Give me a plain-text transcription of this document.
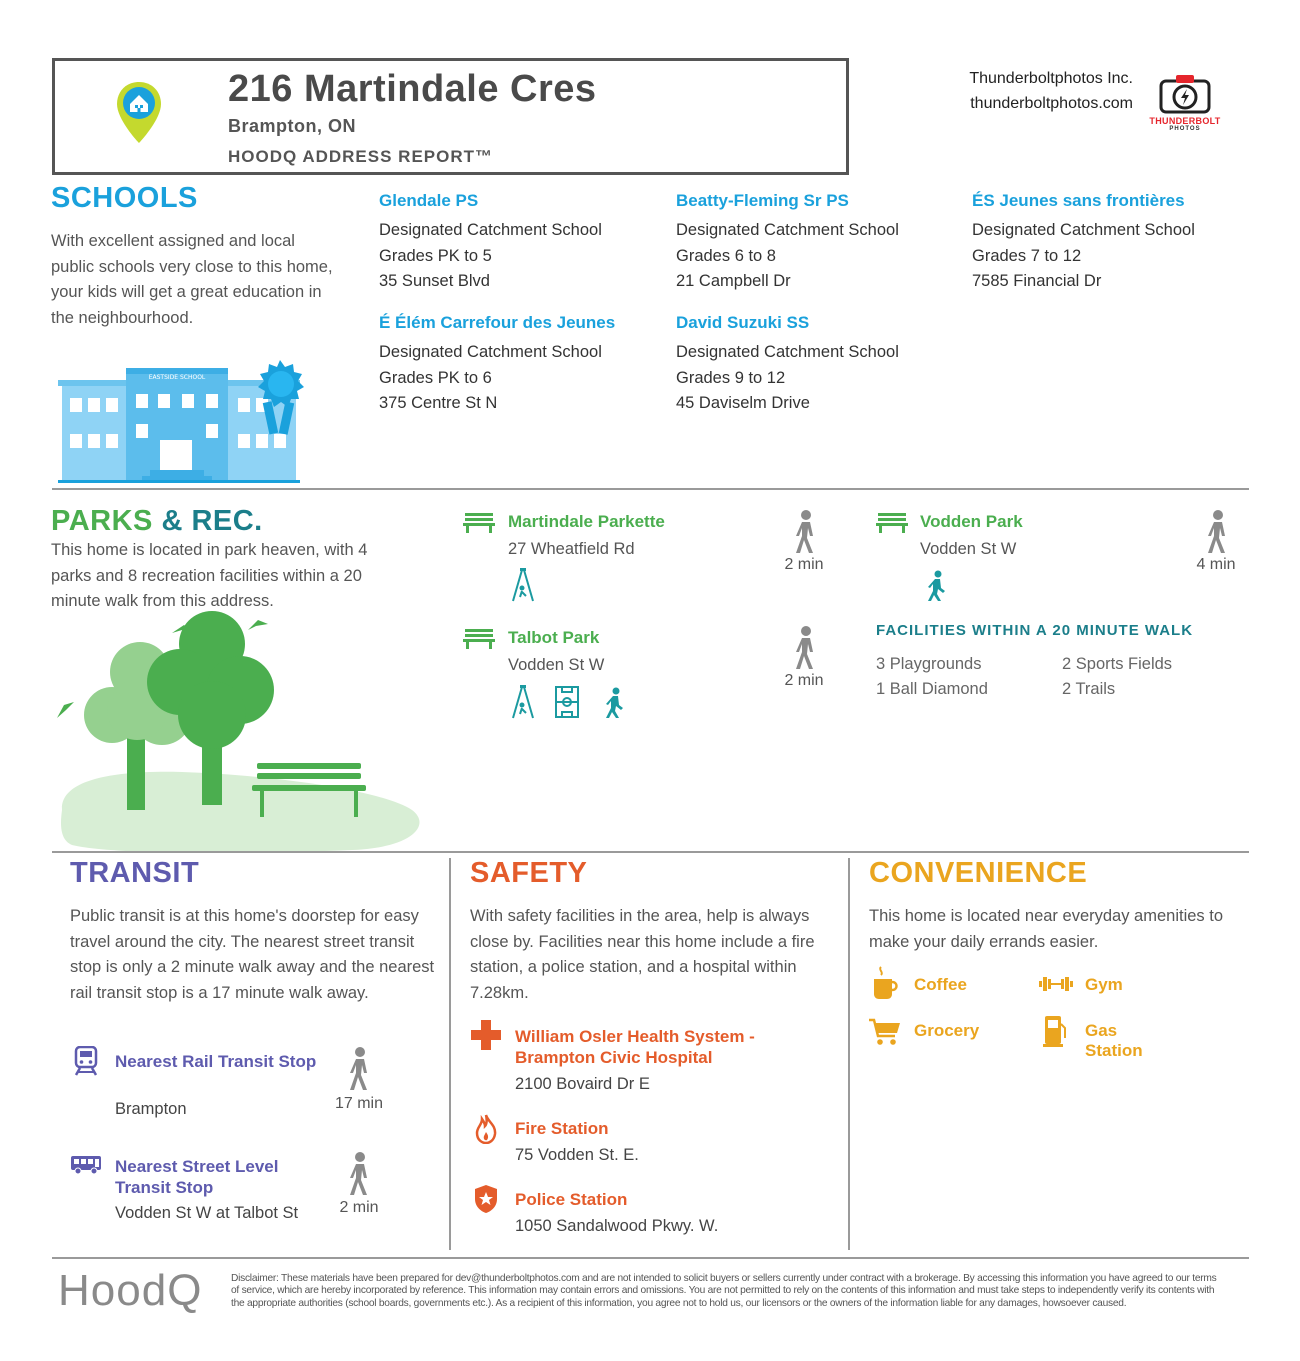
216 Martindale Cres
Brampton, ON
HOODQ ADDRESS REPORT™
Thunderboltphotos Inc.
thunderboltphotos.com
THUNDERBOLT
PHOTOS
SCHOOLS
With excellent assigned and local public schools very close to this home, your kids will get a great education in the neighbourhood.
EASTSIDE SCHOOL
Glendale PS
Designated Catchment School
Grades PK to 5
35 Sunset Blvd
Beatty-Fleming Sr PS
Designated Catchment School
Grades 6 to 8
21 Campbell Dr
ÉS Jeunes sans frontières
Designated Catchment School
Grades 7 to 12
7585 Financial Dr
É Élém Carrefour des Jeunes
Designated Catchment School
Grades PK to 6
375 Centre St N
David Suzuki SS
Designated Catchment School
Grades 9 to 12
45 Daviselm Drive
PARKS & REC.
This home is located in park heaven, with 4 parks and 8 recreation facilities within a 20 minute walk from this address.
Martindale Parkette
27 Wheatfield Rd
2 min
Vodden Park
Vodden St W
4 min
Talbot Park
Vodden St W
2 min
FACILITIES WITHIN A 20 MINUTE WALK
3 Playgrounds	2 Sports Fields
1 Ball Diamond	2 Trails
TRANSIT
Public transit is at this home's doorstep for easy travel around the city. The nearest street transit stop is only a 2 minute walk away and the nearest rail transit stop is a 17 minute walk away.
Nearest Rail Transit Stop
Brampton	17 min
Nearest Street Level Transit Stop
Vodden St W at Talbot St	2 min
SAFETY
With safety facilities in the area, help is always close by. Facilities near this home include a fire station, a police station, and a hospital within 7.28km.
William Osler Health System - Brampton Civic Hospital
2100 Bovaird Dr E
Fire Station
75 Vodden St. E.
Police Station
1050 Sandalwood Pkwy. W.
CONVENIENCE
This home is located near everyday amenities to make your daily errands easier.
Coffee	Gym
Grocery	Gas Station
HoodQ	Disclaimer: These materials have been prepared for dev@thunderboltphotos.com and are not intended to solicit buyers or sellers currently under contract with a brokerage. By accessing this information you have agreed to our terms
of service, which are hereby incorporated by reference. This information may contain errors and omissions. You are not permitted to rely on the contents of this information and must take steps to independently verify its contents with
the appropriate authorities (school boards, governments etc.). As a recipient of this information, you agree not to hold us, our licensors or the owners of the information liable for any damages, howsoever caused.
